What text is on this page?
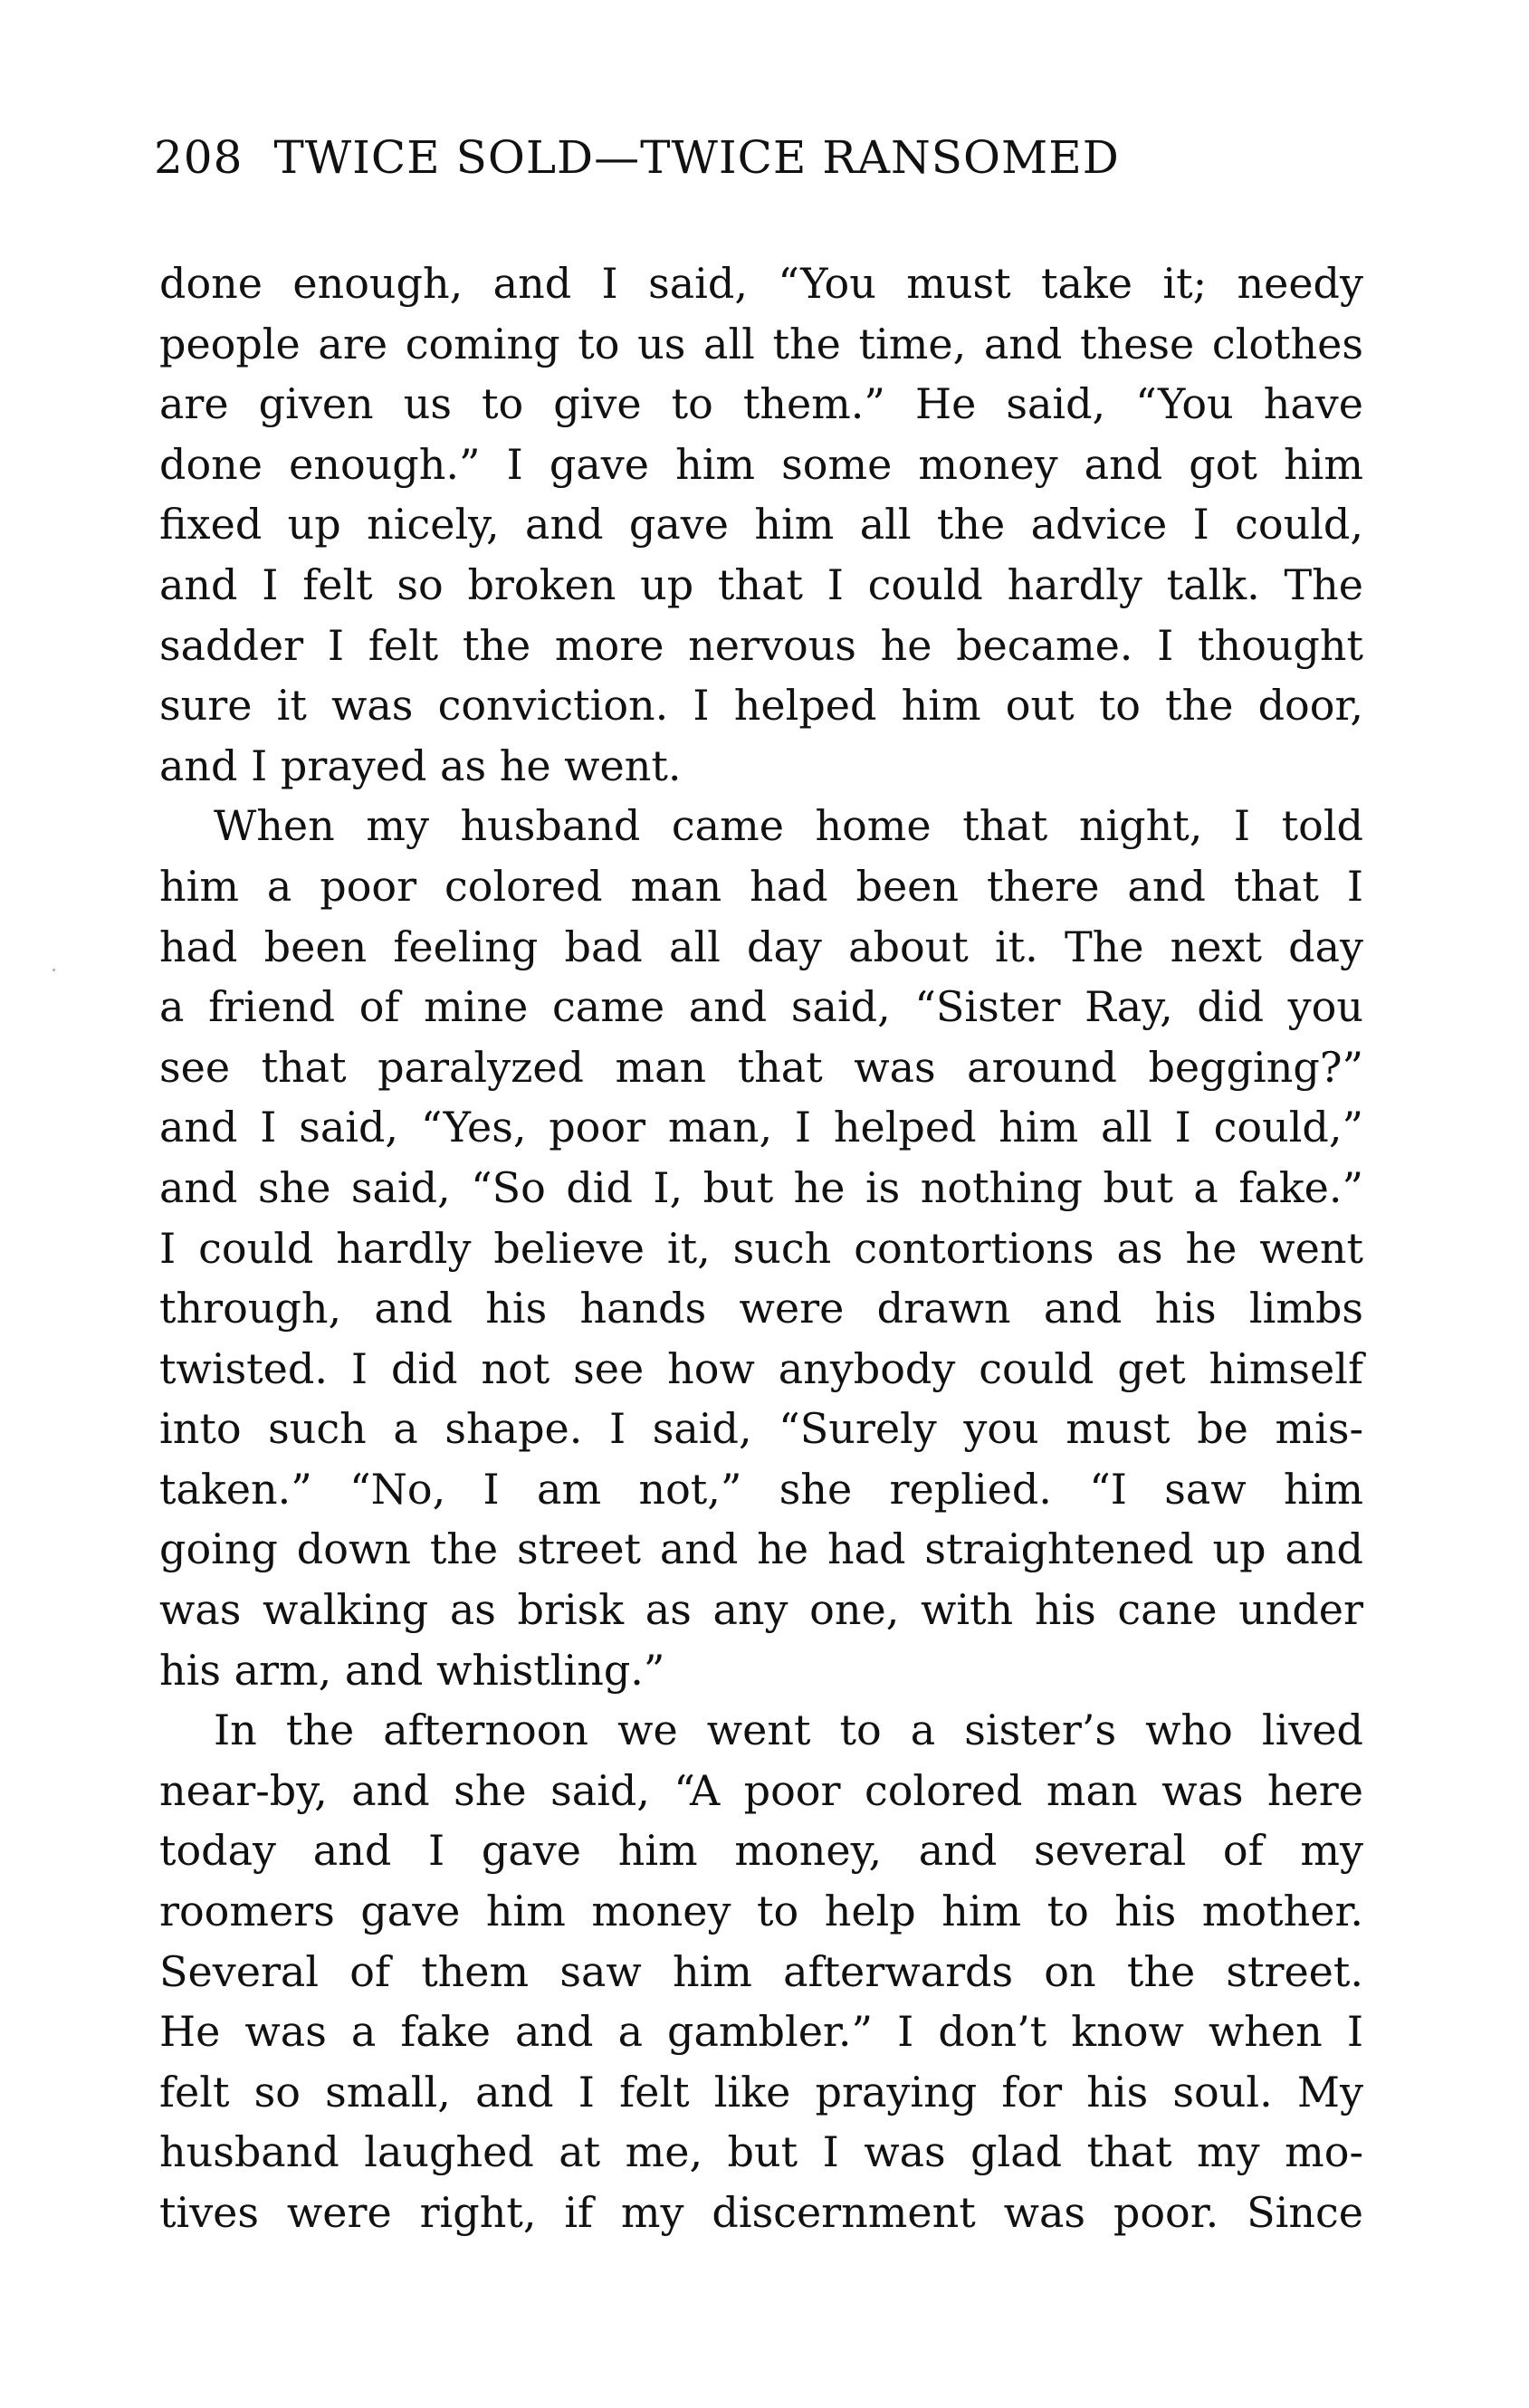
208 TWICE SOLD—TWICE RANSOMED
done enough, and I said, “You must take it; needy
people are coming to us all the time, and these clothes
are given us to give to them.” He said, “You have
done enough.” I gave him some money and got him
fixed up nicely, and gave him all the advice I could,
and I felt so broken up that I could hardly talk. The
sadder I felt the more nervous he became. I thought
sure it was conviction. I helped him out to the door,
and I prayed as he went.
When my husband came home that night, I told
him a poor colored man had been there and that I
had been feeling bad all day about it. The next day
a friend of mine came and said, “Sister Ray, did you
see that paralyzed man that was around begging?”
and I said, “Yes, poor man, I helped him all I could,”
and she said, “So did I, but he is nothing but a fake.”
I could hardly believe it, such contortions as he went
through, and his hands were drawn and his limbs
twisted. I did not see how anybody could get himself
into such a shape. I said, “Surely you must be mis-
taken.” “No, I am not,” she replied. “I saw him
going down the street and he had straightened up and
was walking as brisk as any one, with his cane under
his arm, and whistling.”
In the afternoon we went to a sister’s who lived
near-by, and she said, “A poor colored man was here
today and I gave him money, and several of my
roomers gave him money to help him to his mother.
Several of them saw him afterwards on the street.
He was a fake and a gambler.” I don’t know when I
felt so small, and I felt like praying for his soul. My
husband laughed at me, but I was glad that my mo-
tives were right, if my discernment was poor. Since
